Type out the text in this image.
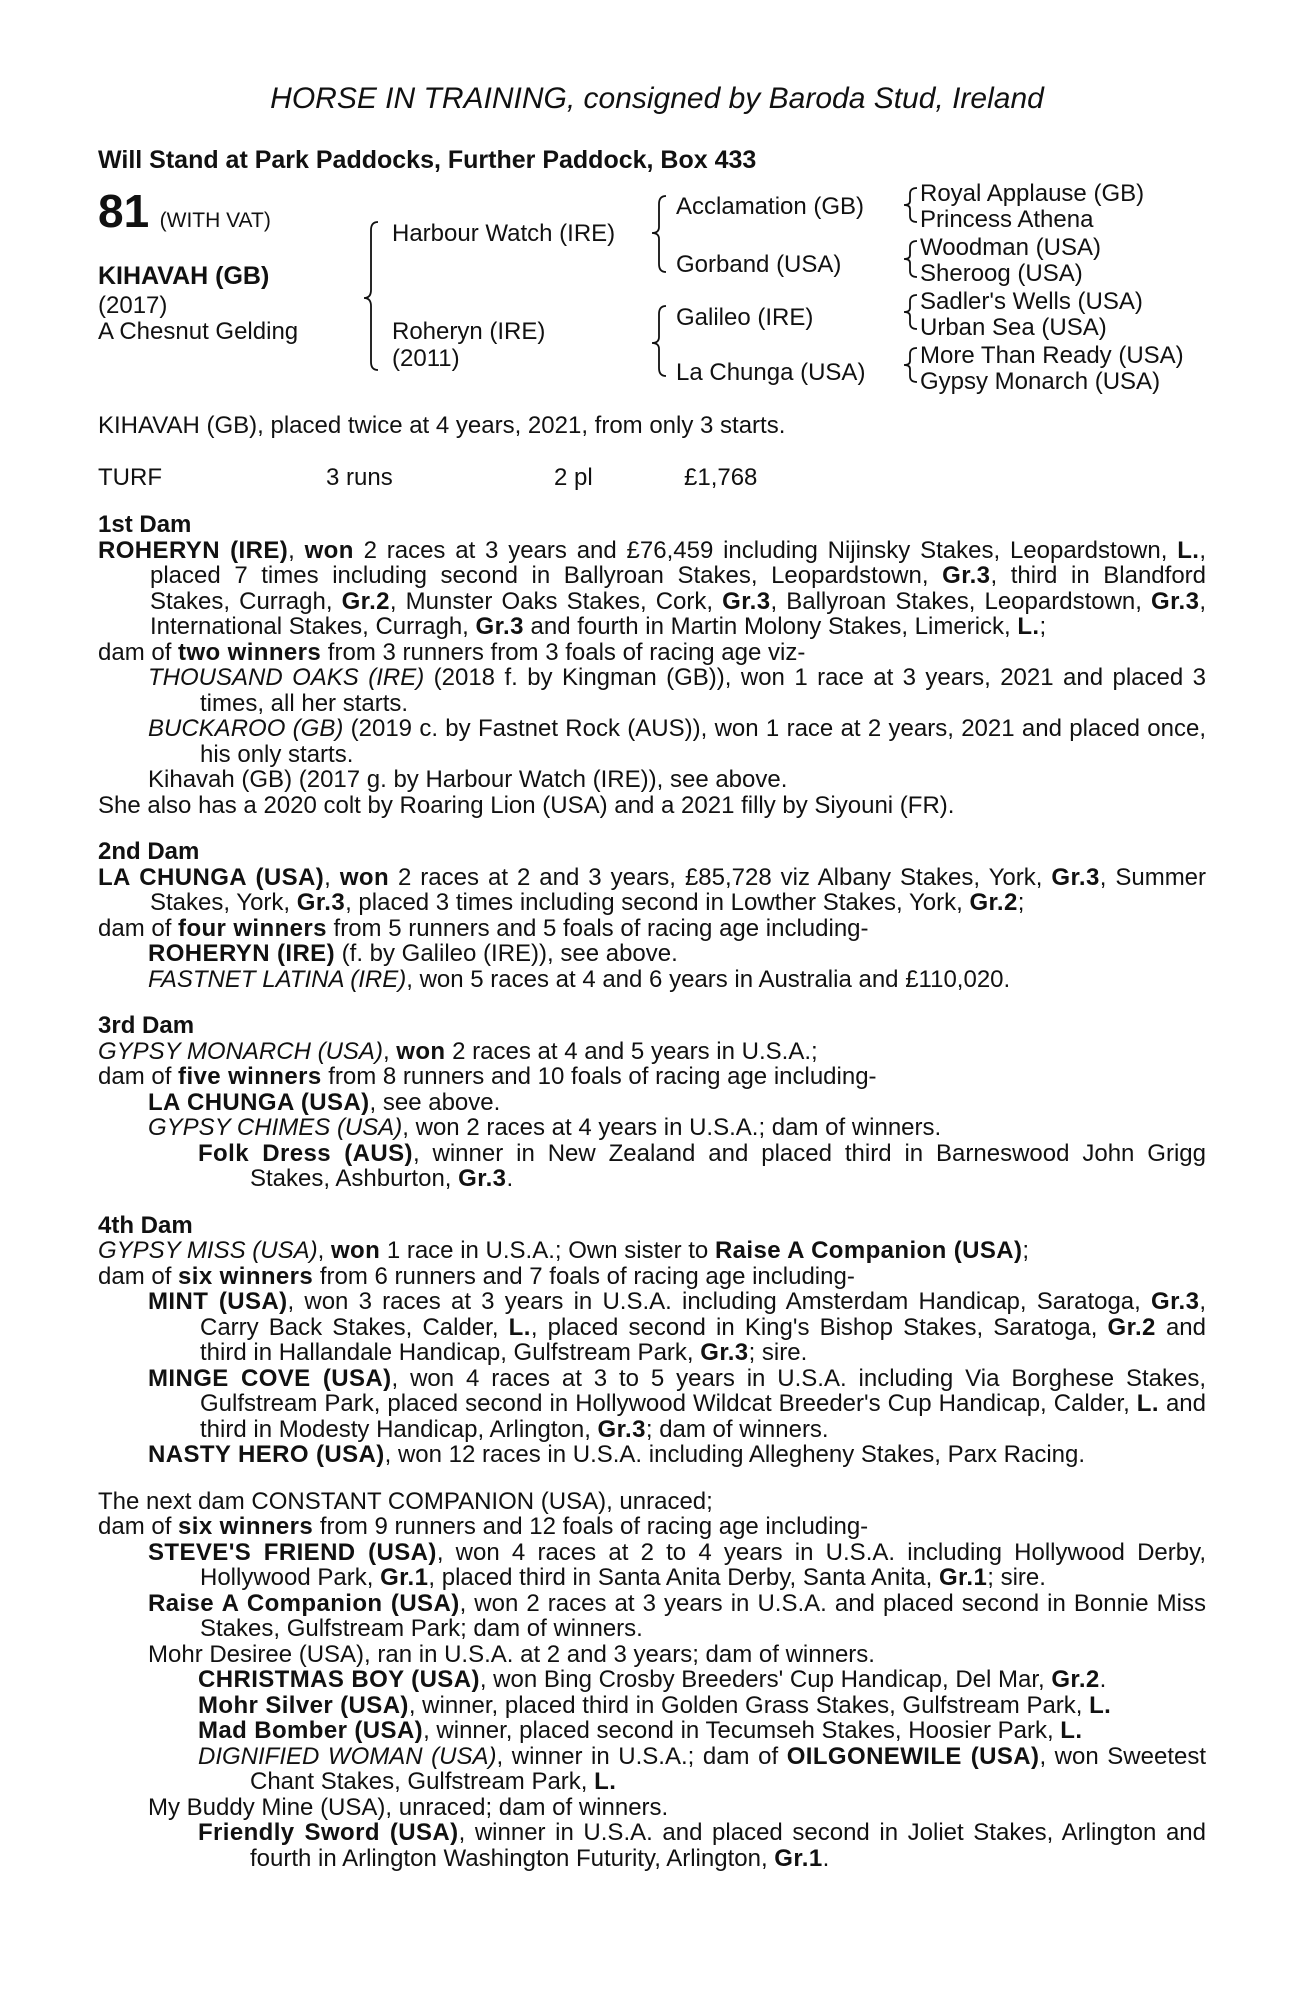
HORSE IN TRAINING, consigned by Baroda Stud, Ireland
Will Stand at Park Paddocks, Further Paddock, Box 433
81 (WITH VAT)
KIHAVAH (GB)
(2017)
A Chesnut Gelding
Harbour Watch (IRE)
Roheryn (IRE)
(2011)
Acclamation (GB)
Gorband (USA)
Galileo (IRE)
La Chunga (USA)
Royal Applause (GB)
Princess Athena
Woodman (USA)
Sheroog (USA)
Sadler's Wells (USA)
Urban Sea (USA)
More Than Ready (USA)
Gypsy Monarch (USA)
KIHAVAH (GB), placed twice at 4 years, 2021, from only 3 starts.
TURF	3 runs	2 pl	£1,768
1st Dam
ROHERYN (IRE), won 2 races at 3 years and £76,459 including Nijinsky Stakes, Leopardstown, L., placed 7 times including second in Ballyroan Stakes, Leopardstown, Gr.3, third in Blandford Stakes, Curragh, Gr.2, Munster Oaks Stakes, Cork, Gr.3, Ballyroan Stakes, Leopardstown, Gr.3, International Stakes, Curragh, Gr.3 and fourth in Martin Molony Stakes, Limerick, L.;
dam of two winners from 3 runners from 3 foals of racing age viz-
THOUSAND OAKS (IRE) (2018 f. by Kingman (GB)), won 1 race at 3 years, 2021 and placed 3 times, all her starts.
BUCKAROO (GB) (2019 c. by Fastnet Rock (AUS)), won 1 race at 2 years, 2021 and placed once, his only starts.
Kihavah (GB) (2017 g. by Harbour Watch (IRE)), see above.
She also has a 2020 colt by Roaring Lion (USA) and a 2021 filly by Siyouni (FR).
2nd Dam
LA CHUNGA (USA), won 2 races at 2 and 3 years, £85,728 viz Albany Stakes, York, Gr.3, Summer Stakes, York, Gr.3, placed 3 times including second in Lowther Stakes, York, Gr.2;
dam of four winners from 5 runners and 5 foals of racing age including-
ROHERYN (IRE) (f. by Galileo (IRE)), see above.
FASTNET LATINA (IRE), won 5 races at 4 and 6 years in Australia and £110,020.
3rd Dam
GYPSY MONARCH (USA), won 2 races at 4 and 5 years in U.S.A.;
dam of five winners from 8 runners and 10 foals of racing age including-
LA CHUNGA (USA), see above.
GYPSY CHIMES (USA), won 2 races at 4 years in U.S.A.; dam of winners.
Folk Dress (AUS), winner in New Zealand and placed third in Barneswood John Grigg Stakes, Ashburton, Gr.3.
4th Dam
GYPSY MISS (USA), won 1 race in U.S.A.; Own sister to Raise A Companion (USA);
dam of six winners from 6 runners and 7 foals of racing age including-
MINT (USA), won 3 races at 3 years in U.S.A. including Amsterdam Handicap, Saratoga, Gr.3, Carry Back Stakes, Calder, L., placed second in King's Bishop Stakes, Saratoga, Gr.2 and third in Hallandale Handicap, Gulfstream Park, Gr.3; sire.
MINGE COVE (USA), won 4 races at 3 to 5 years in U.S.A. including Via Borghese Stakes, Gulfstream Park, placed second in Hollywood Wildcat Breeder's Cup Handicap, Calder, L. and third in Modesty Handicap, Arlington, Gr.3; dam of winners.
NASTY HERO (USA), won 12 races in U.S.A. including Allegheny Stakes, Parx Racing.
The next dam CONSTANT COMPANION (USA), unraced;
dam of six winners from 9 runners and 12 foals of racing age including-
STEVE'S FRIEND (USA), won 4 races at 2 to 4 years in U.S.A. including Hollywood Derby, Hollywood Park, Gr.1, placed third in Santa Anita Derby, Santa Anita, Gr.1; sire.
Raise A Companion (USA), won 2 races at 3 years in U.S.A. and placed second in Bonnie Miss Stakes, Gulfstream Park; dam of winners.
Mohr Desiree (USA), ran in U.S.A. at 2 and 3 years; dam of winners.
CHRISTMAS BOY (USA), won Bing Crosby Breeders' Cup Handicap, Del Mar, Gr.2.
Mohr Silver (USA), winner, placed third in Golden Grass Stakes, Gulfstream Park, L.
Mad Bomber (USA), winner, placed second in Tecumseh Stakes, Hoosier Park, L.
DIGNIFIED WOMAN (USA), winner in U.S.A.; dam of OILGONEWILE (USA), won Sweetest Chant Stakes, Gulfstream Park, L.
My Buddy Mine (USA), unraced; dam of winners.
Friendly Sword (USA), winner in U.S.A. and placed second in Joliet Stakes, Arlington and fourth in Arlington Washington Futurity, Arlington, Gr.1.
